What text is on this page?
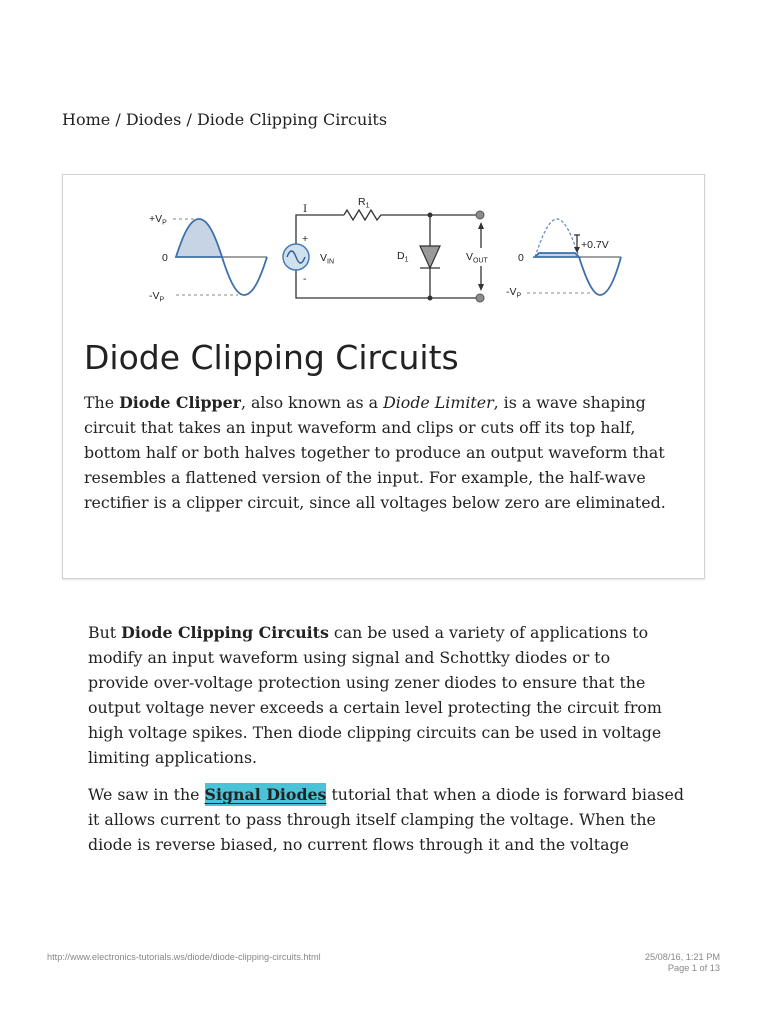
Home / Diodes / Diode Clipping Circuits
$+V_P$
0
$-V_P$
I
$R_1$
+
-
$V_{IN}$	$D_1$	$V_{OUT}$	0
+0.7V
$-V_P$
Diode Clipping Circuits
The Diode Clipper, also known as a Diode Limiter, is a wave shaping
circuit that takes an input waveform and clips or cuts off its top half,
bottom half or both halves together to produce an output waveform that
resembles a flattened version of the input. For example, the half-wave
rectifier is a clipper circuit, since all voltages below zero are eliminated.
But Diode Clipping Circuits can be used a variety of applications to
modify an input waveform using signal and Schottky diodes or to
provide over-voltage protection using zener diodes to ensure that the
output voltage never exceeds a certain level protecting the circuit from
high voltage spikes. Then diode clipping circuits can be used in voltage
limiting applications.
We saw in the Signal Diodes tutorial that when a diode is forward biased
it allows current to pass through itself clamping the voltage. When the
diode is reverse biased, no current flows through it and the voltage
http://www.electronics-tutorials.ws/diode/diode-clipping-circuits.html	25/08/16, 1:21 PM
Page 1 of 13
